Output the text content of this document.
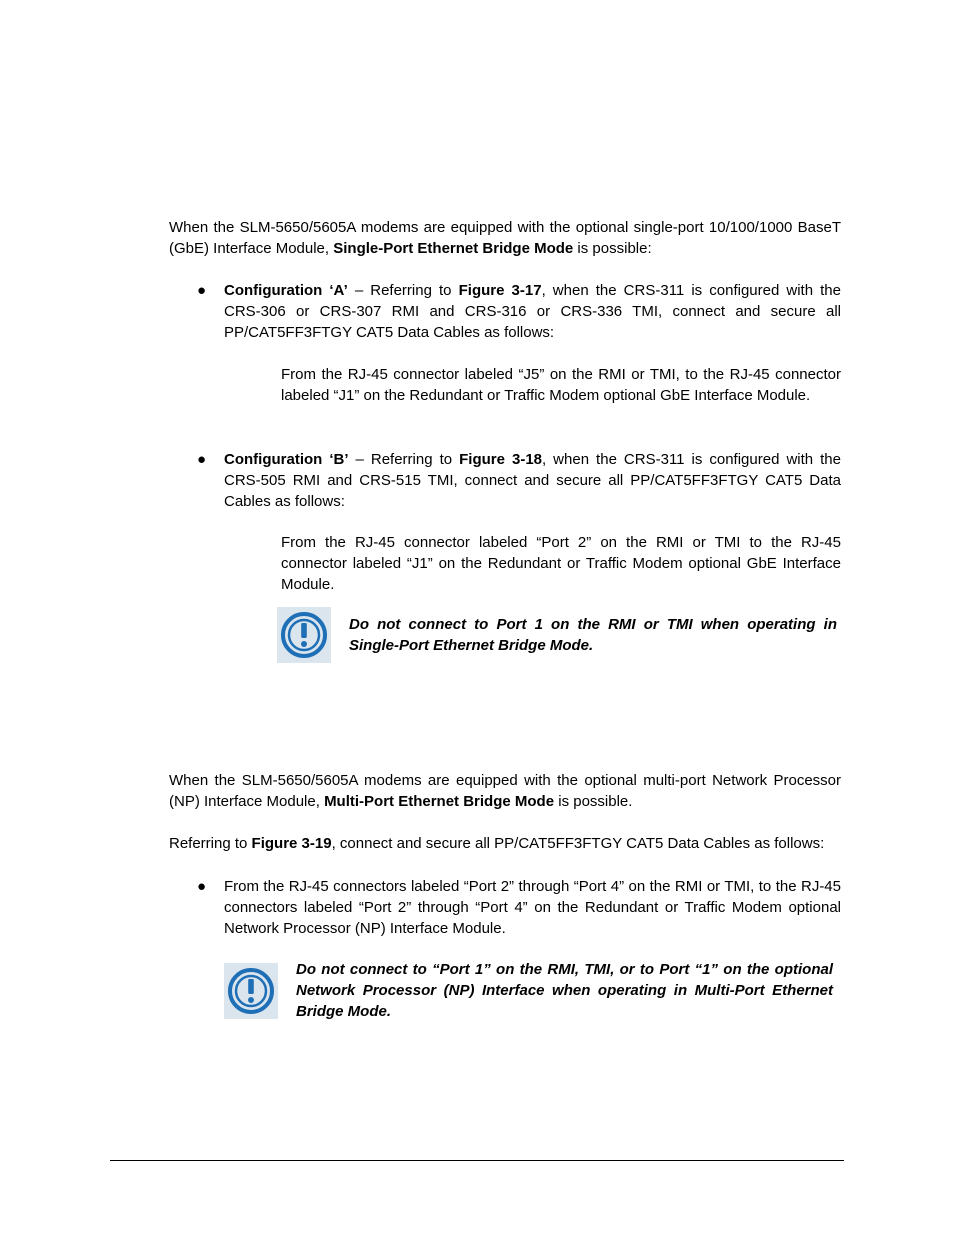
When the SLM-5650/5605A modems are equipped with the optional single-port 10/100/1000 BaseT (GbE) Interface Module, Single-Port Ethernet Bridge Mode is possible:
● Configuration ‘A’ – Referring to Figure 3-17, when the CRS-311 is configured with the CRS-306 or CRS-307 RMI and CRS-316 or CRS-336 TMI, connect and secure all PP/CAT5FF3FTGY CAT5 Data Cables as follows:
From the RJ-45 connector labeled “J5” on the RMI or TMI, to the RJ-45 connector labeled “J1” on the Redundant or Traffic Modem optional GbE Interface Module.
● Configuration ‘B’ – Referring to Figure 3-18, when the CRS-311 is configured with the CRS-505 RMI and CRS-515 TMI, connect and secure all PP/CAT5FF3FTGY CAT5 Data Cables as follows:
From the RJ-45 connector labeled “Port 2” on the RMI or TMI to the RJ-45 connector labeled “J1” on the Redundant or Traffic Modem optional GbE Interface Module.
Do not connect to Port 1 on the RMI or TMI when operating in Single-Port Ethernet Bridge Mode.
When the SLM-5650/5605A modems are equipped with the optional multi-port Network Processor (NP) Interface Module, Multi-Port Ethernet Bridge Mode is possible.
Referring to Figure 3-19, connect and secure all PP/CAT5FF3FTGY CAT5 Data Cables as follows:
● From the RJ-45 connectors labeled “Port 2” through “Port 4” on the RMI or TMI, to the RJ-45 connectors labeled “Port 2” through “Port 4” on the Redundant or Traffic Modem optional Network Processor (NP) Interface Module.
Do not connect to “Port 1” on the RMI, TMI, or to Port “1” on the optional Network Processor (NP) Interface when operating in Multi-Port Ethernet Bridge Mode.
